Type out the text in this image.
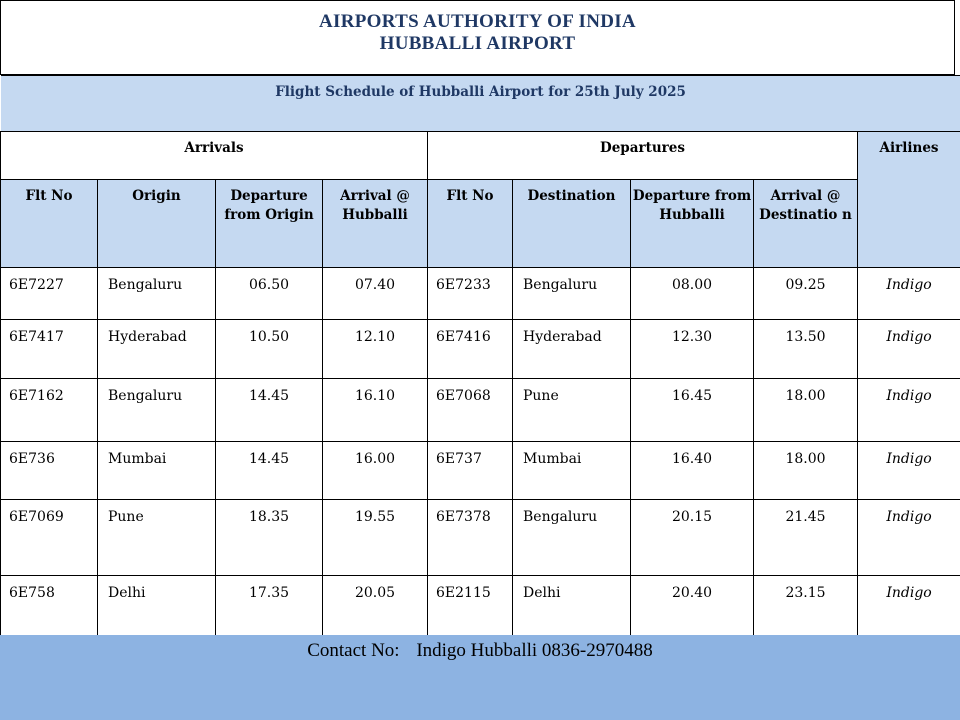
AIRPORTS AUTHORITY OF INDIA
HUBBALLI AIRPORT
Flight Schedule of Hubballi Airport for 25th July 2025								
Arrivals				Departures				Airlines
Flt No	Origin	Departure from Origin	Arrival @ Hubballi	Flt No	Destination	Departure from Hubballi	Arrival @ Destinatio n	
6E7227	Bengaluru	06.50	07.40	6E7233	Bengaluru	08.00	09.25	Indigo
6E7417	Hyderabad	10.50	12.10	6E7416	Hyderabad	12.30	13.50	Indigo
6E7162	Bengaluru	14.45	16.10	6E7068	Pune	16.45	18.00	Indigo
6E736	Mumbai	14.45	16.00	6E737	Mumbai	16.40	18.00	Indigo
6E7069	Pune	18.35	19.55	6E7378	Bengaluru	20.15	21.45	Indigo
6E758	Delhi	17.35	20.05	6E2115	Delhi	20.40	23.15	Indigo
Contact No: Indigo Hubballi 0836-2970488
